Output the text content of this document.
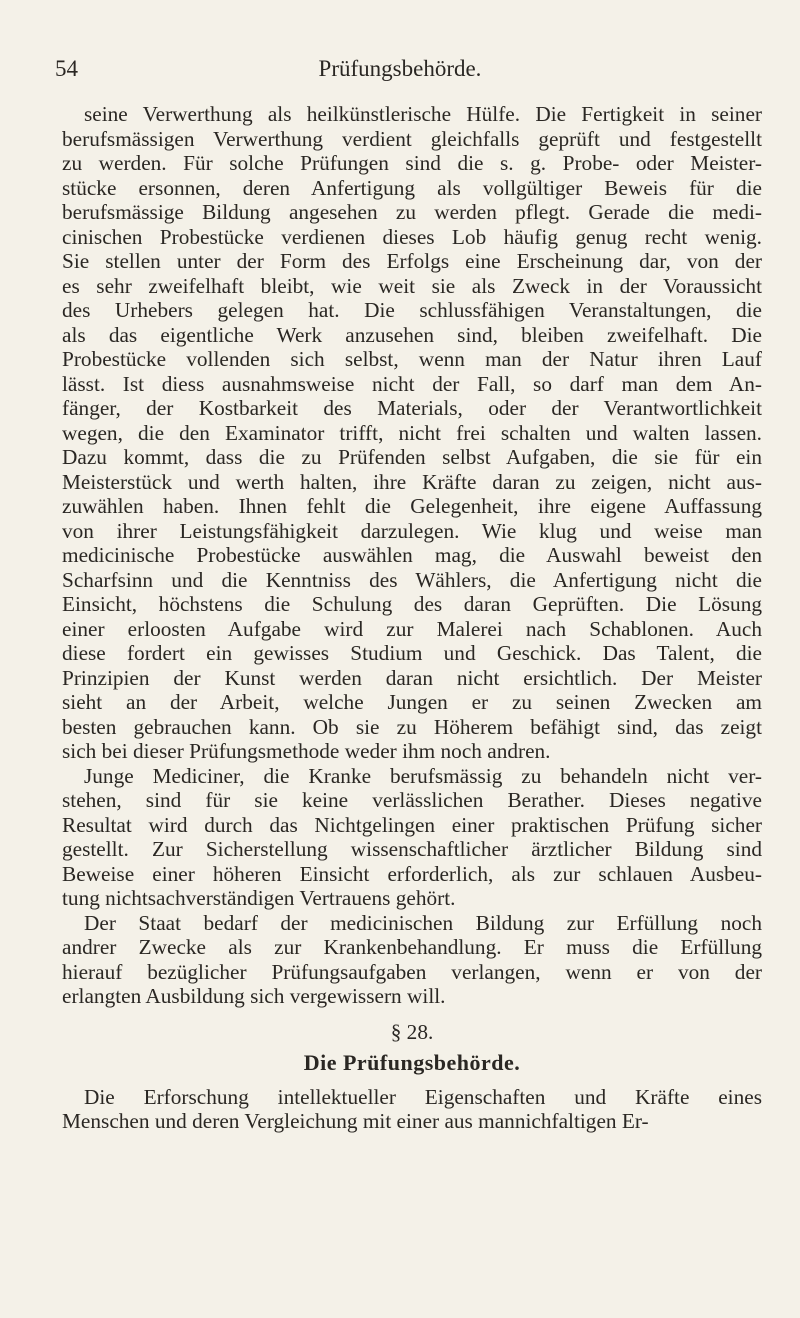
54	Prüfungsbehörde.
seine Verwerthung als heilkünstlerische Hülfe. Die Fertigkeit in seiner
berufsmässigen Verwerthung verdient gleichfalls geprüft und festgestellt
zu werden. Für solche Prüfungen sind die s. g. Probe- oder Meister-
stücke ersonnen, deren Anfertigung als vollgültiger Beweis für die
berufsmässige Bildung angesehen zu werden pflegt. Gerade die medi-
cinischen Probestücke verdienen dieses Lob häufig genug recht wenig.
Sie stellen unter der Form des Erfolgs eine Erscheinung dar, von der
es sehr zweifelhaft bleibt, wie weit sie als Zweck in der Voraussicht
des Urhebers gelegen hat. Die schlussfähigen Veranstaltungen, die
als das eigentliche Werk anzusehen sind, bleiben zweifelhaft. Die
Probestücke vollenden sich selbst, wenn man der Natur ihren Lauf
lässt. Ist diess ausnahmsweise nicht der Fall, so darf man dem An-
fänger, der Kostbarkeit des Materials, oder der Verantwortlichkeit
wegen, die den Examinator trifft, nicht frei schalten und walten lassen.
Dazu kommt, dass die zu Prüfenden selbst Aufgaben, die sie für ein
Meisterstück und werth halten, ihre Kräfte daran zu zeigen, nicht aus-
zuwählen haben. Ihnen fehlt die Gelegenheit, ihre eigene Auffassung
von ihrer Leistungsfähigkeit darzulegen. Wie klug und weise man
medicinische Probestücke auswählen mag, die Auswahl beweist den
Scharfsinn und die Kenntniss des Wählers, die Anfertigung nicht die
Einsicht, höchstens die Schulung des daran Geprüften. Die Lösung
einer erloosten Aufgabe wird zur Malerei nach Schablonen. Auch
diese fordert ein gewisses Studium und Geschick. Das Talent, die
Prinzipien der Kunst werden daran nicht ersichtlich. Der Meister
sieht an der Arbeit, welche Jungen er zu seinen Zwecken am
besten gebrauchen kann. Ob sie zu Höherem befähigt sind, das zeigt
sich bei dieser Prüfungsmethode weder ihm noch andren.
Junge Mediciner, die Kranke berufsmässig zu behandeln nicht ver-
stehen, sind für sie keine verlässlichen Berather. Dieses negative
Resultat wird durch das Nichtgelingen einer praktischen Prüfung sicher
gestellt. Zur Sicherstellung wissenschaftlicher ärztlicher Bildung sind
Beweise einer höheren Einsicht erforderlich, als zur schlauen Ausbeu-
tung nichtsachverständigen Vertrauens gehört.
Der Staat bedarf der medicinischen Bildung zur Erfüllung noch
andrer Zwecke als zur Krankenbehandlung. Er muss die Erfüllung
hierauf bezüglicher Prüfungsaufgaben verlangen, wenn er von der
erlangten Ausbildung sich vergewissern will.
§ 28.
Die Prüfungsbehörde.
Die Erforschung intellektueller Eigenschaften und Kräfte eines
Menschen und deren Vergleichung mit einer aus mannichfaltigen Er-
